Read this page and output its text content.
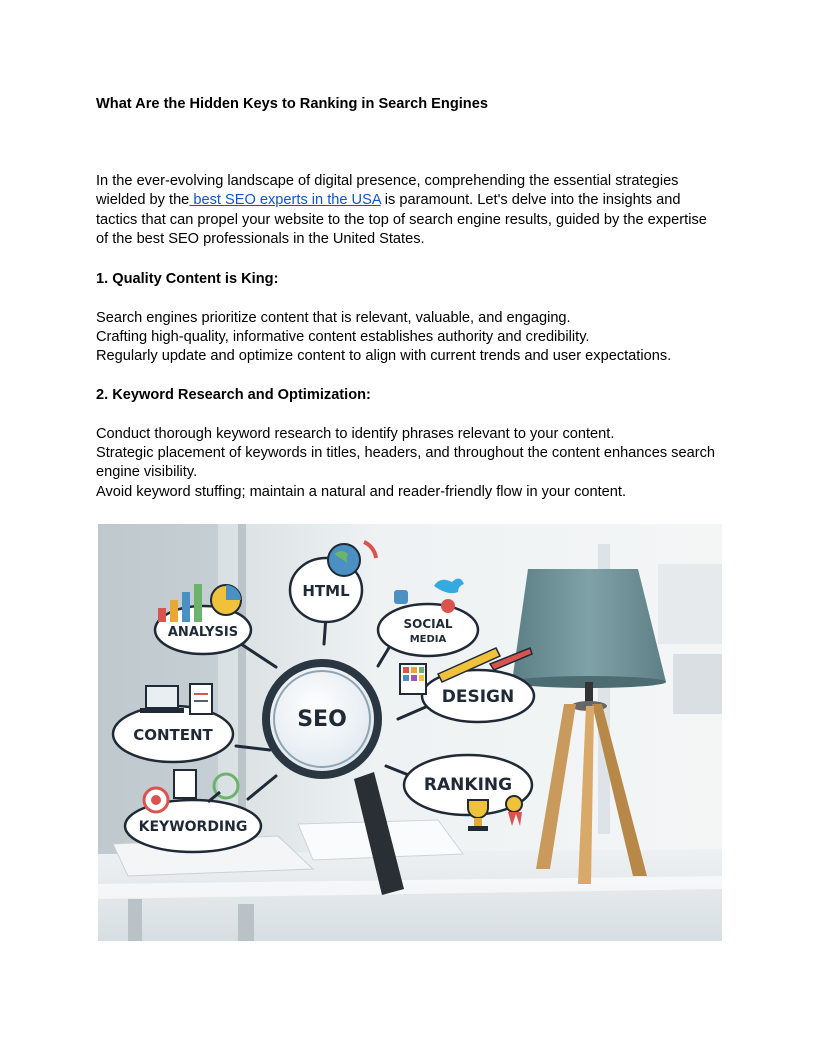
What Are the Hidden Keys to Ranking in Search Engines

In the ever-evolving landscape of digital presence, comprehending the essential strategies wielded by the best SEO experts in the USA is paramount. Let's delve into the insights and tactics that can propel your website to the top of search engine results, guided by the expertise of the best SEO professionals in the United States.

1. Quality Content is King:

Search engines prioritize content that is relevant, valuable, and engaging.

Crafting high-quality, informative content establishes authority and credibility.

Regularly update and optimize content to align with current trends and user expectations.

2. Keyword Research and Optimization:

Conduct thorough keyword research to identify phrases relevant to your content.

Strategic placement of keywords in titles, headers, and throughout the content enhances search engine visibility.

Avoid keyword stuffing; maintain a natural and reader-friendly flow in your content.

HTML
SOCIAL
MEDIA
ANALYSIS
DESIGN
CONTENT
RANKING
KEYWORDING
SEO
